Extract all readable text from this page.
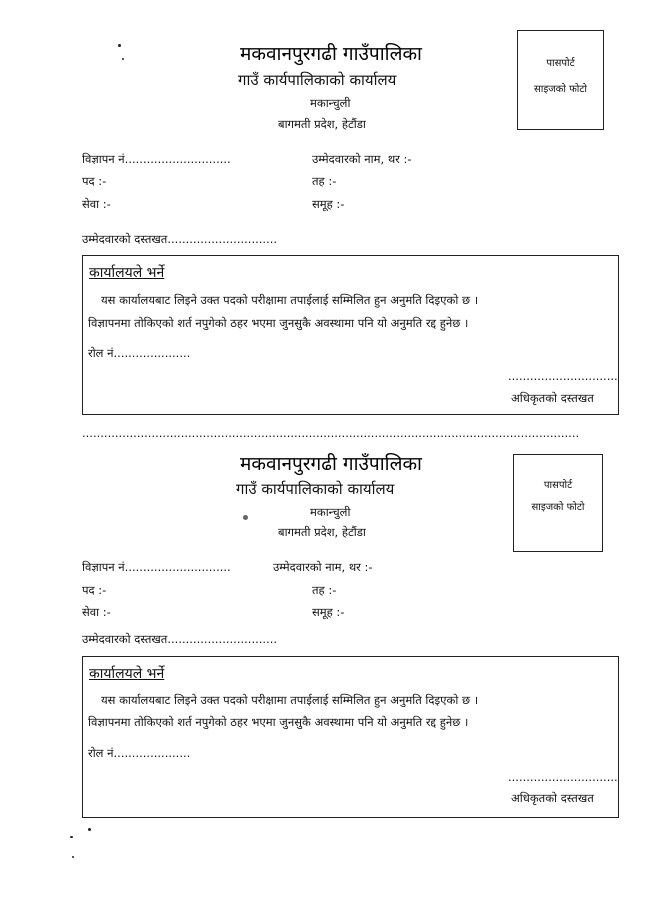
मकवानपुरगढी गाउँपालिका
गाउँ कार्यपालिकाको कार्यालय
मकान्चुली
बागमती प्रदेश, हेटौंडा
पासपोर्ट
साइजको फोटो
विज्ञापन नं.............................	उम्मेदवारको नाम, थर :-
पद :-	तह :-
सेवा :-	समूह :-
उम्मेदवारको दस्तखत..............................
कार्यालयले भर्ने
यस कार्यालयबाट लिइने उक्त पदको परीक्षामा तपाईलाई सम्मिलित हुन अनुमति दिइएको छ ।
विज्ञापनमा तोकिएको शर्त नपुगेको ठहर भएमा जुनसुकै अवस्थामा पनि यो अनुमति रद्द हुनेछ ।
रोल नं.....................
..............................
अधिकृतको दस्तखत
........................................................................................................................................
मकवानपुरगढी गाउँपालिका
गाउँ कार्यपालिकाको कार्यालय
मकान्चुली
बागमती प्रदेश, हेटौंडा
पासपोर्ट
साइजको फोटो
विज्ञापन नं.............................	उम्मेदवारको नाम, थर :-
पद :-	तह :-
सेवा :-	समूह :-
उम्मेदवारको दस्तखत..............................
कार्यालयले भर्ने
यस कार्यालयबाट लिइने उक्त पदको परीक्षामा तपाईलाई सम्मिलित हुन अनुमति दिइएको छ ।
विज्ञापनमा तोकिएको शर्त नपुगेको ठहर भएमा जुनसुकै अवस्थामा पनि यो अनुमति रद्द हुनेछ ।
रोल नं.....................
..............................
अधिकृतको दस्तखत
